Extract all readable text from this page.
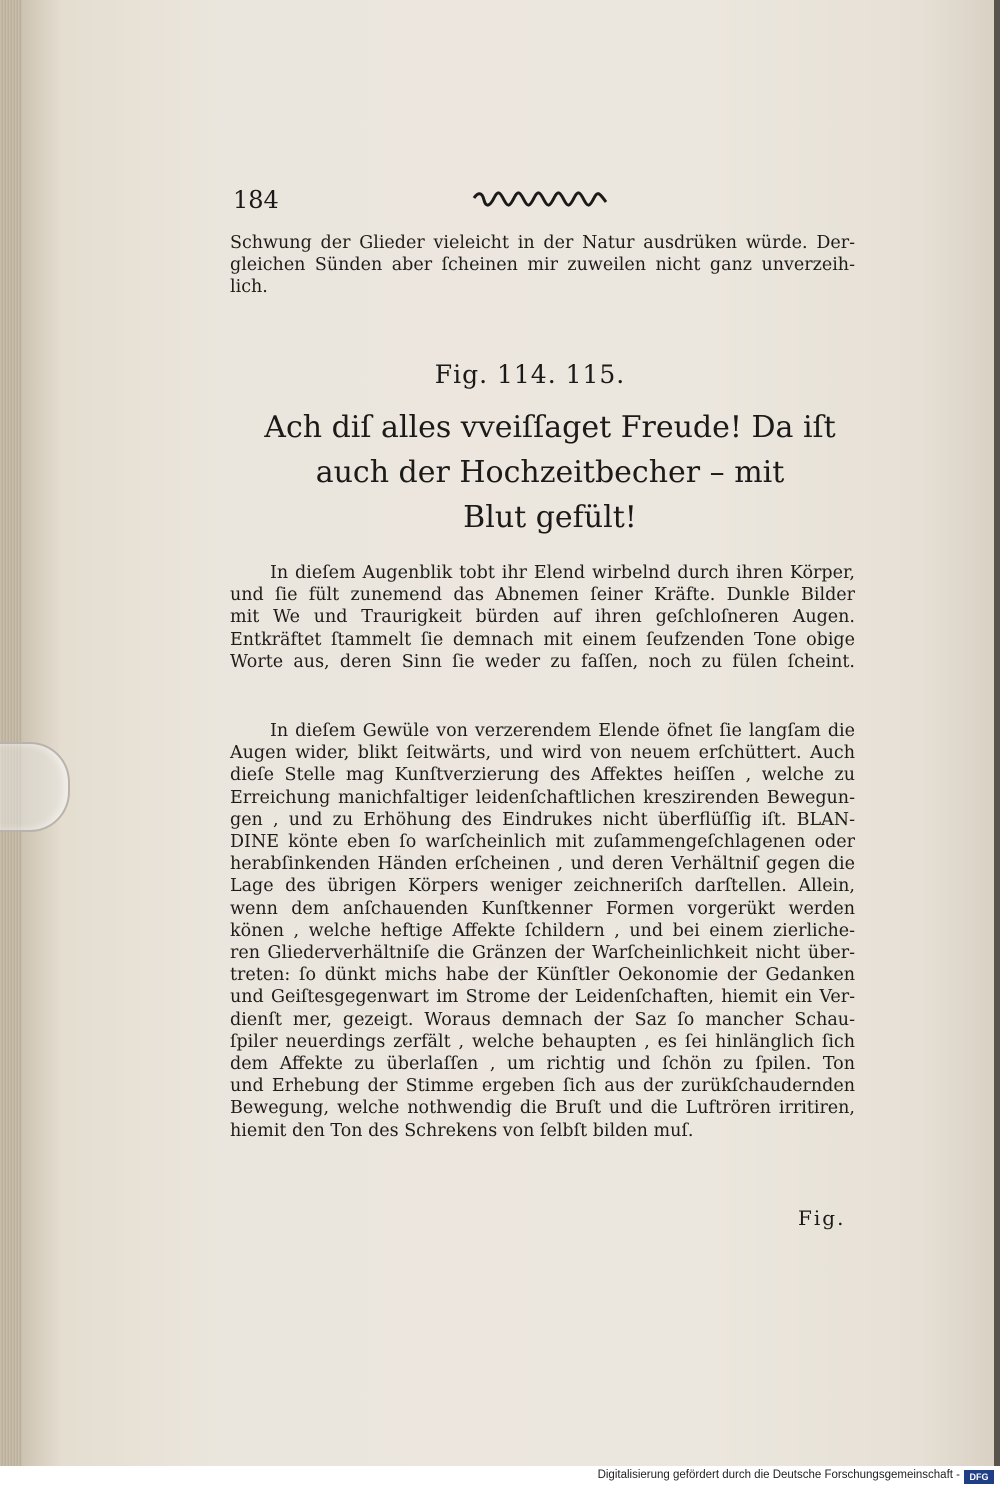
184
Schwung der Glieder vieleicht in der Natur ausdrüken würde. Der-
gleichen Sünden aber ſcheinen mir zuweilen nicht ganz unverzeih-
lich.
Fig. 114. 115.
Ach diſ alles vveiſſaget Freude! Da iſt
auch der Hochzeitbecher – mit
Blut gefült!
In dieſem Augenblik tobt ihr Elend wirbelnd durch ihren Körper,
und ſie fült zunemend das Abnemen ſeiner Kräfte. Dunkle Bilder
mit We und Traurigkeit bürden auf ihren geſchloſneren Augen.
Entkräftet ſtammelt ſie demnach mit einem ſeufzenden Tone obige
Worte aus, deren Sinn ſie weder zu faſſen, noch zu fülen ſcheint.
In dieſem Gewüle von verzerendem Elende öfnet ſie langſam die
Augen wider, blikt ſeitwärts, und wird von neuem erſchüttert. Auch
dieſe Stelle mag Kunſtverzierung des Affektes heiſſen , welche zu
Erreichung manichfaltiger leidenſchaftlichen kreszirenden Bewegun-
gen , und zu Erhöhung des Eindrukes nicht überflüſſig iſt. BLAN-
DINE könte eben ſo warſcheinlich mit zuſammengeſchlagenen oder
herabſinkenden Händen erſcheinen , und deren Verhältniſ gegen die
Lage des übrigen Körpers weniger zeichneriſch darſtellen. Allein,
wenn dem anſchauenden Kunſtkenner Formen vorgerükt werden
könen , welche heftige Affekte ſchildern , und bei einem zierliche-
ren Gliederverhältniſe die Gränzen der Warſcheinlichkeit nicht über-
treten: ſo dünkt michs habe der Künſtler Oekonomie der Gedanken
und Geiſtesgegenwart im Strome der Leidenſchaften, hiemit ein Ver-
dienſt mer, gezeigt. Woraus demnach der Saz ſo mancher Schau-
ſpiler neuerdings zerfält , welche behaupten , es ſei hinlänglich ſich
dem Affekte zu überlaſſen , um richtig und ſchön zu ſpilen. Ton
und Erhebung der Stimme ergeben ſich aus der zurükſchaudernden
Bewegung, welche nothwendig die Bruſt und die Luftrören irritiren,
hiemit den Ton des Schrekens von ſelbſt bilden muſ.
Fig.
Digitalisierung gefördert durch die Deutsche Forschungsgemeinschaft -	DFG
